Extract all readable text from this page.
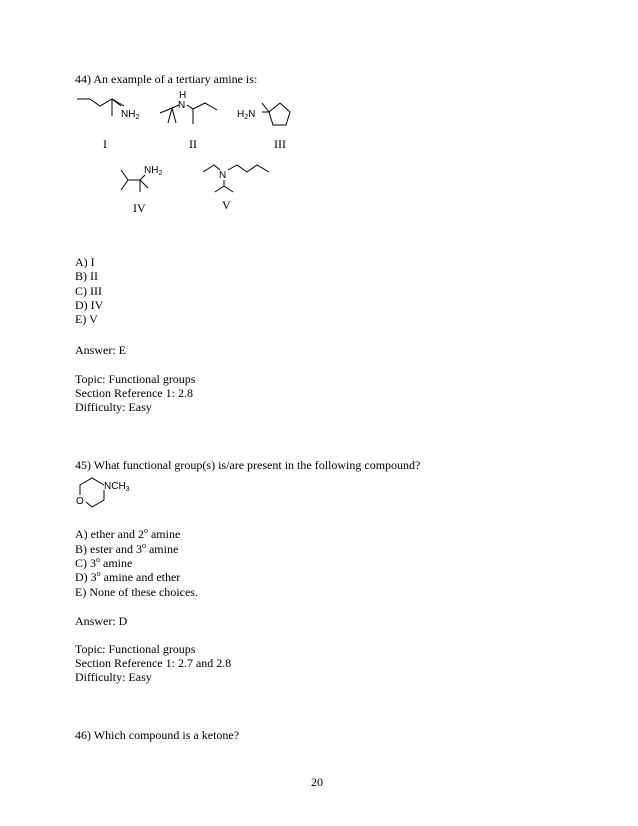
44) An example of a tertiary amine is:
$NH_2$
H
N
$H_2N$
I	II	III
$NH_2$	N
IV	V
A) I
B) II
C) III
D) IV
E) V
Answer: E
Topic: Functional groups
Section Reference 1: 2.8
Difficulty: Easy
45) What functional group(s) is/are present in the following compound?
$NCH_3$
O
A) ether and 2$^o$ amine
B) ester and 3$^o$ amine
C) 3$^o$ amine
D) 3$^o$ amine and ether
E) None of these choices.
Answer: D
Topic: Functional groups
Section Reference 1: 2.7 and 2.8
Difficulty: Easy
46) Which compound is a ketone?
20
